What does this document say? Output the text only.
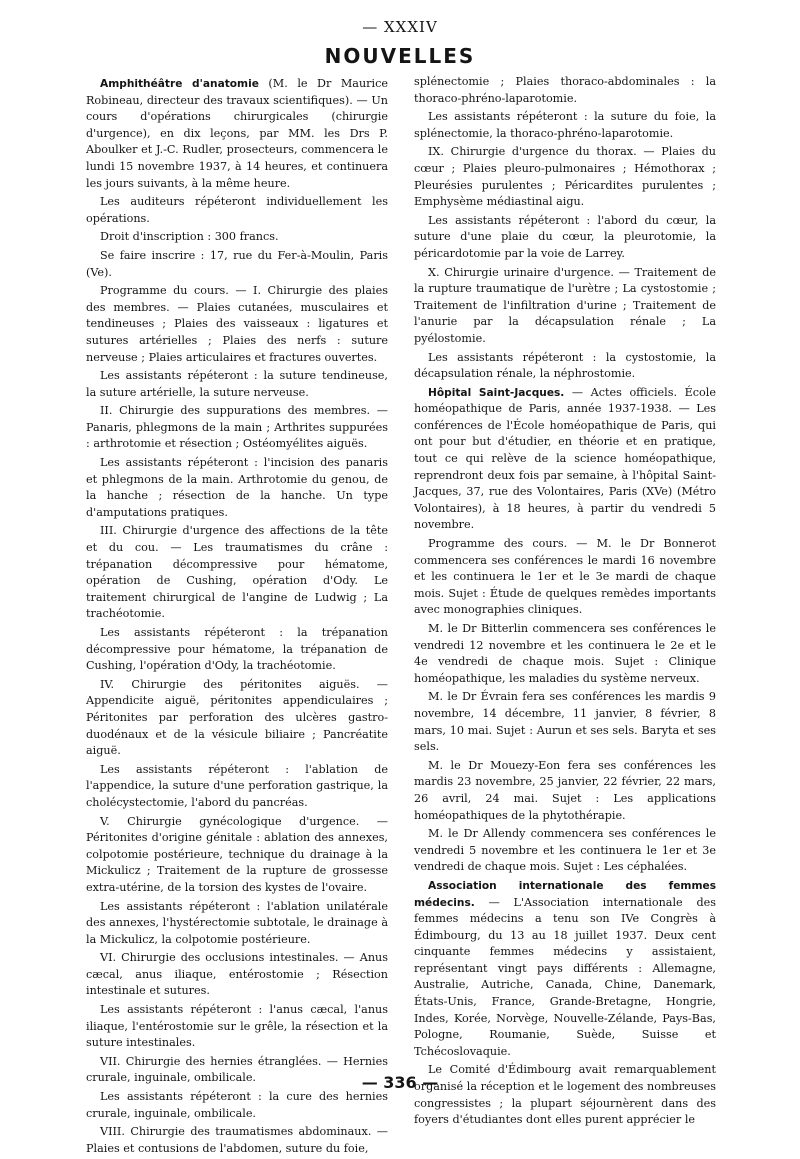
— XXXIV
NOUVELLES

Amphithéâtre d'anatomie (M. le Dr Maurice Robineau, directeur des travaux scientifiques). — Un cours d'opérations chirurgicales (chirurgie d'urgence), en dix leçons, par MM. les Drs P. Aboulker et J.-C. Rudler, prosecteurs, commencera le lundi 15 novembre 1937, à 14 heures, et continuera les jours suivants, à la même heure.

Les auditeurs répéteront individuellement les opérations.

Droit d'inscription : 300 francs.

Se faire inscrire : 17, rue du Fer-à-Moulin, Paris (Ve).

Programme du cours. — I. Chirurgie des plaies des membres. — Plaies cutanées, musculaires et tendineuses ; Plaies des vaisseaux : ligatures et sutures artérielles ; Plaies des nerfs : suture nerveuse ; Plaies articulaires et fractures ouvertes.

Les assistants répéteront : la suture tendineuse, la suture artérielle, la suture nerveuse.

II. Chirurgie des suppurations des membres. — Panaris, phlegmons de la main ; Arthrites suppurées : arthrotomie et résection ; Ostéomyélites aiguës.

Les assistants répéteront : l'incision des panaris et phlegmons de la main. Arthrotomie du genou, de la hanche ; résection de la hanche. Un type d'amputations pratiques.

III. Chirurgie d'urgence des affections de la tête et du cou. — Les traumatismes du crâne : trépanation décompressive pour hématome, opération de Cushing, opération d'Ody. Le traitement chirurgical de l'angine de Ludwig ; La trachéotomie.

Les assistants répéteront : la trépanation décompressive pour hématome, la trépanation de Cushing, l'opération d'Ody, la trachéotomie.

IV. Chirurgie des péritonites aiguës. — Appendicite aiguë, péritonites appendiculaires ; Péritonites par perforation des ulcères gastro-duodénaux et de la vésicule biliaire ; Pancréatite aiguë.

Les assistants répéteront : l'ablation de l'appendice, la suture d'une perforation gastrique, la cholécystectomie, l'abord du pancréas.

V. Chirurgie gynécologique d'urgence. — Péritonites d'origine génitale : ablation des annexes, colpotomie postérieure, technique du drainage à la Mickulicz ; Traitement de la rupture de grossesse extra-utérine, de la torsion des kystes de l'ovaire.

Les assistants répéteront : l'ablation unilatérale des annexes, l'hystérectomie subtotale, le drainage à la Mickulicz, la colpotomie postérieure.

VI. Chirurgie des occlusions intestinales. — Anus cæcal, anus iliaque, entérostomie ; Résection intestinale et sutures.

Les assistants répéteront : l'anus cæcal, l'anus iliaque, l'entérostomie sur le grêle, la résection et la suture intestinales.

VII. Chirurgie des hernies étranglées. — Hernies crurale, inguinale, ombilicale.

Les assistants répéteront : la cure des hernies crurale, inguinale, ombilicale.

VIII. Chirurgie des traumatismes abdominaux. — Plaies et contusions de l'abdomen, suture du foie,

splénectomie ; Plaies thoraco-abdominales : la thoraco-phréno-laparotomie.

Les assistants répéteront : la suture du foie, la splénectomie, la thoraco-phréno-laparotomie.

IX. Chirurgie d'urgence du thorax. — Plaies du cœur ; Plaies pleuro-pulmonaires ; Hémothorax ; Pleurésies purulentes ; Péricardites purulentes ; Emphysème médiastinal aigu.

Les assistants répéteront : l'abord du cœur, la suture d'une plaie du cœur, la pleurotomie, la péricardotomie par la voie de Larrey.

X. Chirurgie urinaire d'urgence. — Traitement de la rupture traumatique de l'urètre ; La cystostomie ; Traitement de l'infiltration d'urine ; Traitement de l'anurie par la décapsulation rénale ; La pyélostomie.

Les assistants répéteront : la cystostomie, la décapsulation rénale, la néphrostomie.

Hôpital Saint-Jacques. — Actes officiels. École homéopathique de Paris, année 1937-1938. — Les conférences de l'École homéopathique de Paris, qui ont pour but d'étudier, en théorie et en pratique, tout ce qui relève de la science homéopathique, reprendront deux fois par semaine, à l'hôpital Saint-Jacques, 37, rue des Volontaires, Paris (XVe) (Métro Volontaires), à 18 heures, à partir du vendredi 5 novembre.

Programme des cours. — M. le Dr Bonnerot commencera ses conférences le mardi 16 novembre et les continuera le 1er et le 3e mardi de chaque mois. Sujet : Étude de quelques remèdes importants avec monographies cliniques.

M. le Dr Bitterlin commencera ses conférences le vendredi 12 novembre et les continuera le 2e et le 4e vendredi de chaque mois. Sujet : Clinique homéopathique, les maladies du système nerveux.

M. le Dr Évrain fera ses conférences les mardis 9 novembre, 14 décembre, 11 janvier, 8 février, 8 mars, 10 mai. Sujet : Aurun et ses sels. Baryta et ses sels.

M. le Dr Mouezy-Eon fera ses conférences les mardis 23 novembre, 25 janvier, 22 février, 22 mars, 26 avril, 24 mai. Sujet : Les applications homéopathiques de la phytothérapie.

M. le Dr Allendy commencera ses conférences le vendredi 5 novembre et les continuera le 1er et 3e vendredi de chaque mois. Sujet : Les céphalées.

Association internationale des femmes médecins. — L'Association internationale des femmes médecins a tenu son IVe Congrès à Édimbourg, du 13 au 18 juillet 1937. Deux cent cinquante femmes médecins y assistaient, représentant vingt pays différents : Allemagne, Australie, Autriche, Canada, Chine, Danemark, États-Unis, France, Grande-Bretagne, Hongrie, Indes, Korée, Norvège, Nouvelle-Zélande, Pays-Bas, Pologne, Roumanie, Suède, Suisse et Tchécoslovaquie.

Le Comité d'Édimbourg avait remarquablement organisé la réception et le logement des nombreuses congressistes ; la plupart séjournèrent dans des foyers d'étudiantes dont elles purent apprécier le

— 336 —
